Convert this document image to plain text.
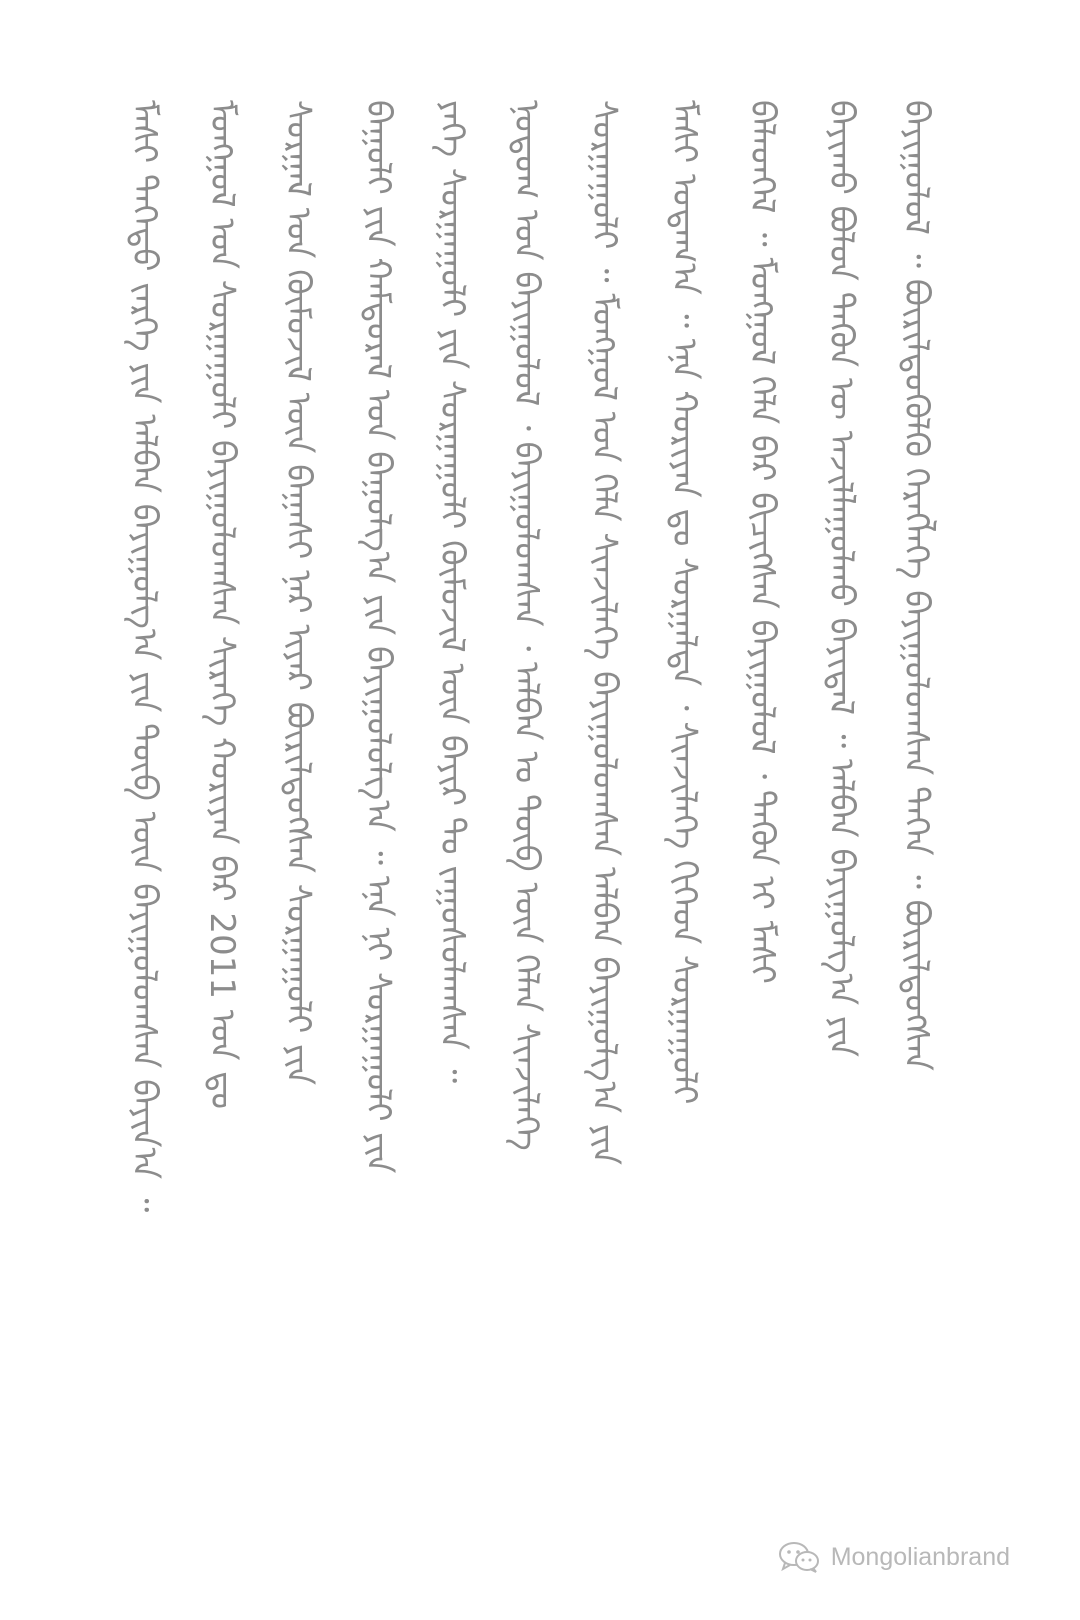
ᠮᠠᠰᠢ ᠳᠡᠭᠡᠳᠦ ᠵᠡᠷᠭᠡ ᠶᠢᠨ ᠠᠯᠪᠠᠨ ᠪᠠᠶᠢᠭᠤᠯᠭ᠎ᠠ ᠶᠢᠨ ᠲᠥᠪ ᠦᠨ ᠪᠠᠶᠢᠭᠤᠯᠤᠭᠰᠠᠨ ᠪᠠᠶᠢᠨ᠎ᠠ ᠃ ᠮᠣᠩᠭᠤᠯ ᠤᠨ ᠰᠤᠷᠭᠠᠭᠤᠯᠢ ᠪᠠᠶᠢᠭᠤᠯᠤᠭᠰᠠᠨ ᠰᠢᠷᠡᠭᠡ ᠬᠤᠷᠢᠶᠠᠨ ᠪᠡᠷ 2011 ᠣᠨ ᠳᠤ ᠰᠤᠷᠭᠠᠯ ᠤᠨ ᠬᠦᠮᠦᠵᠢᠯ ᠦᠨ ᠪᠠᠭᠠᠰᠢ ᠨᠠᠷ ᠢᠶᠠᠷ ᠪᠦᠷᠢᠯᠳᠦᠭᠰᠡᠨ ᠰᠤᠷᠭᠠᠭᠤᠯᠢ ᠶᠢᠨ ᠪᠠᠭᠤᠯᠢ ᠶᠢᠨ ᠬᠠᠮᠲᠤᠷᠠᠯ ᠤᠨ ᠪᠠᠭᠤᠯᠭ᠎ᠠ ᠶᠢᠨ ᠪᠠᠶᠢᠭᠤᠯᠤᠯᠭ᠎ᠠ ᠃ ᠡᠨᠡ ᠨᠢ ᠰᠤᠷᠭᠠᠭᠤᠯᠢ ᠶᠢᠨ ᠶᠡᠬᠡ ᠰᠤᠷᠭᠠᠭᠤᠯᠢ ᠶᠢᠨ ᠰᠤᠷᠭᠠᠭᠤᠯᠢ ᠬᠦᠮᠦᠵᠢᠯ ᠦᠨ ᠪᠠᠶᠢᠷ ᠲᠤ ᠵᠠᠭᠤᠰᠤᠯᠠᠭᠰᠠᠨ ᠃ ᠨᠤᠲᠤᠭ ᠤᠨ ᠪᠠᠶᠢᠭᠤᠯᠤᠯ ᠂ ᠪᠠᠶᠢᠭᠤᠯᠤᠭᠰᠠᠨ ᠂ ᠠᠯᠪᠠᠨ ᠤ ᠲᠥᠪ ᠦᠨ ᠬᠡᠯᠡᠨ ᠰᠢᠨᠵᠢᠯᠡᠭᠡ ᠰᠤᠷᠭᠠᠭᠤᠯᠢ ᠃ ᠮᠣᠩᠭᠤᠯ ᠤᠨ ᠬᠡᠯᠡ ᠰᠢᠨᠵᠢᠯᠡᠭᠡ ᠪᠠᠶᠢᠭᠤᠯᠤᠭᠰᠠᠨ ᠠᠯᠪᠠᠨ ᠪᠠᠶᠢᠭᠤᠯᠭ᠎ᠠ ᠶᠢᠨ ᠮᠠᠰᠢ ᠤᠳᠠᠭ᠎ᠠ ᠃ ᠡᠨᠡ ᠬᠤᠷᠢᠶᠠᠨ ᠳᠤ ᠰᠤᠷᠭᠠᠯᠲᠠ ᠂ ᠰᠢᠨᠵᠢᠯᠡᠭᠡ ᠬᠢᠭᠡᠳ ᠰᠤᠷᠭᠠᠭᠤᠯᠢ ᠪᠡᠯᠡᠳᠬᠡᠯ ᠃ ᠮᠣᠩᠭᠤᠯ ᠬᠡᠯᠡ ᠪᠡᠷ ᠪᠢᠴᠢᠭᠰᠡᠨ ᠪᠠᠶᠢᠭᠤᠯᠤᠯ ᠂ ᠲᠡᠭᠦᠨ ᠢ ᠮᠠᠰᠢ ᠪᠠᠶᠢᠬᠤ ᠪᠣᠯᠤᠨ ᠲᠡᠭᠦᠨ ᠦ ᠠᠵᠢᠯᠯᠠᠭᠤᠯᠬᠤ ᠪᠠᠶᠢᠳᠠᠯ ᠃ ᠠᠯᠪᠠᠨ ᠪᠠᠶᠢᠭᠤᠯᠭ᠎ᠠ ᠶᠢᠨ ᠪᠠᠶᠢᠭᠤᠯᠤᠯ ᠃ ᠪᠦᠷᠢᠯᠳᠦᠭᠦᠯᠬᠦ ᠬᠡᠷᠡᠭᠯᠡᠭᠡ ᠪᠠᠶᠢᠭᠤᠯᠤᠭᠰᠠᠨ ᠲᠡᠭᠡᠨ ᠃ ᠪᠦᠷᠢᠯᠳᠦᠭᠰᠡᠨ
Mongolianbrand
